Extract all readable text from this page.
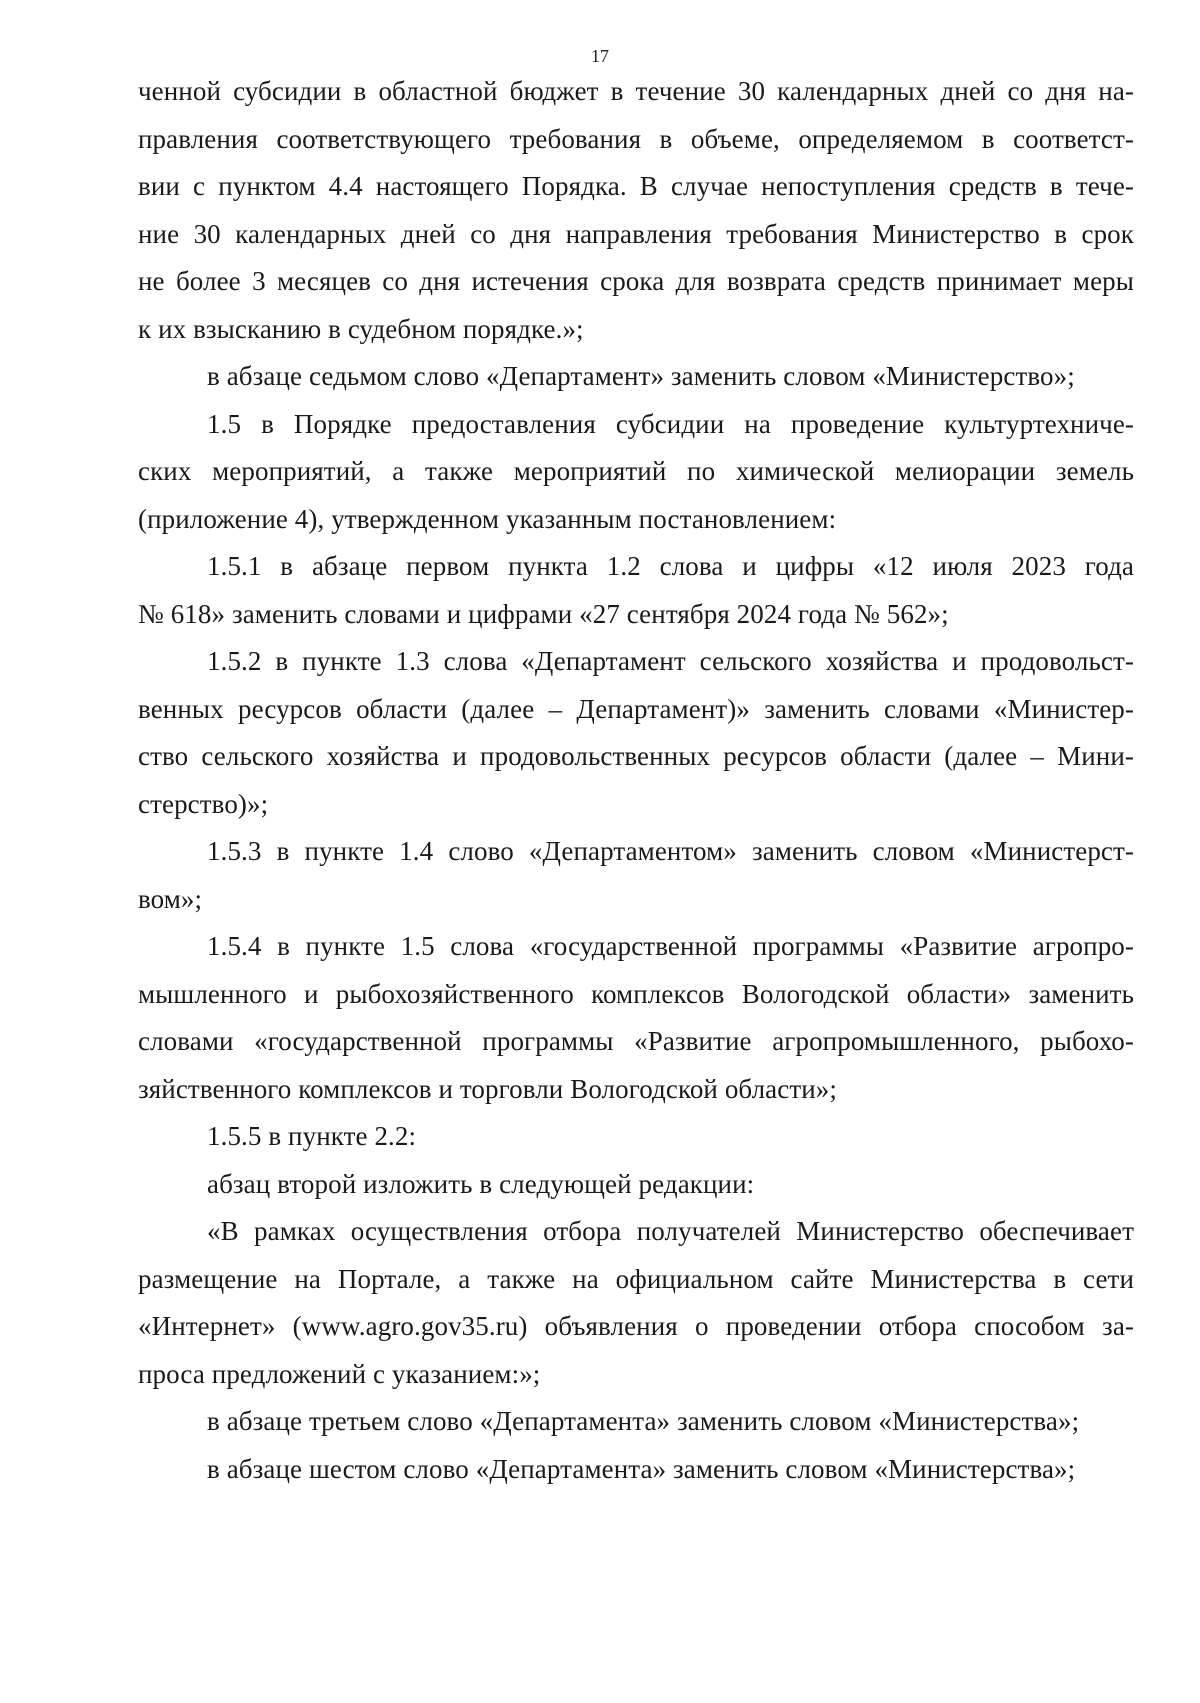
17
ченной субсидии в областной бюджет в течение 30 календарных дней со дня на-
правления соответствующего требования в объеме, определяемом в соответст-
вии с пунктом 4.4 настоящего Порядка. В случае непоступления средств в тече-
ние 30 календарных дней со дня направления требования Министерство в срок
не более 3 месяцев со дня истечения срока для возврата средств принимает меры
к их взысканию в судебном порядке.»;
в абзаце седьмом слово «Департамент» заменить словом «Министерство»;
1.5 в Порядке предоставления субсидии на проведение культуртехниче-
ских мероприятий, а также мероприятий по химической мелиорации земель
(приложение 4), утвержденном указанным постановлением:
1.5.1 в абзаце первом пункта 1.2 слова и цифры «12 июля 2023 года
№ 618» заменить словами и цифрами «27 сентября 2024 года № 562»;
1.5.2 в пункте 1.3 слова «Департамент сельского хозяйства и продовольст-
венных ресурсов области (далее – Департамент)» заменить словами «Министер-
ство сельского хозяйства и продовольственных ресурсов области (далее – Мини-
стерство)»;
1.5.3 в пункте 1.4 слово «Департаментом» заменить словом «Министерст-
вом»;
1.5.4 в пункте 1.5 слова «государственной программы «Развитие агропро-
мышленного и рыбохозяйственного комплексов Вологодской области» заменить
словами «государственной программы «Развитие агропромышленного, рыбохо-
зяйственного комплексов и торговли Вологодской области»;
1.5.5 в пункте 2.2:
абзац второй изложить в следующей редакции:
«В рамках осуществления отбора получателей Министерство обеспечивает
размещение на Портале, а также на официальном сайте Министерства в сети
«Интернет» (www.agro.gov35.ru) объявления о проведении отбора способом за-
проса предложений с указанием:»;
в абзаце третьем слово «Департамента» заменить словом «Министерства»;
в абзаце шестом слово «Департамента» заменить словом «Министерства»;
